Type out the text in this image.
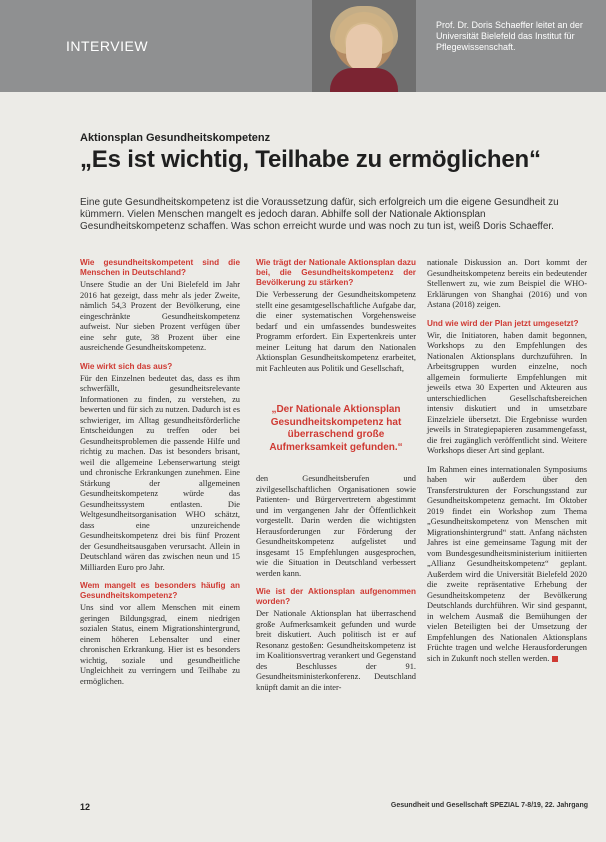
INTERVIEW
Prof. Dr. Doris Schaeffer leitet an der Universität Bielefeld das Institut für Pflegewissenschaft.
Aktionsplan Gesundheitskompetenz
„Es ist wichtig, Teilhabe zu ermöglichen“
Eine gute Gesundheitskompetenz ist die Voraussetzung dafür, sich erfolgreich um die eigene Gesundheit zu kümmern. Vielen Menschen mangelt es jedoch daran. Abhilfe soll der Nationale Aktionsplan Gesundheitskompetenz schaffen. Was schon erreicht wurde und was noch zu tun ist, weiß Doris Schaeffer.
Wie gesundheitskompetent sind die Menschen in Deutschland?
Unsere Studie an der Uni Bielefeld im Jahr 2016 hat gezeigt, dass mehr als jeder Zweite, nämlich 54,3 Prozent der Bevölkerung, eine eingeschränkte Gesundheitskompetenz aufweist. Nur sieben Prozent verfügen über eine sehr gute, 38 Prozent über eine ausreichende Gesundheitskompetenz.
Wie wirkt sich das aus?
Für den Einzelnen bedeutet das, dass es ihm schwerfällt, gesundheitsrelevante Informationen zu finden, zu verstehen, zu bewerten und für sich zu nutzen. Dadurch ist es schwieriger, im Alltag gesundheitsförderliche Entscheidungen zu treffen oder bei Gesundheitsproblemen die passende Hilfe und richtig zu machen. Das ist besonders brisant, weil die allgemeine Lebenserwartung steigt und chronische Erkrankungen zunehmen. Eine Stärkung der allgemeinen Gesundheitskompetenz würde das Gesundheitssystem entlasten. Die Weltgesundheitsorganisation WHO schätzt, dass eine unzureichende Gesundheitskompetenz drei bis fünf Prozent der Gesundheitsausgaben verursacht. Allein in Deutschland wären das zwischen neun und 15 Milliarden Euro pro Jahr.
Wem mangelt es besonders häufig an Gesundheitskompetenz?
Uns sind vor allem Menschen mit einem geringen Bildungsgrad, einem niedrigen sozialen Status, einem Migrationshintergrund, einem höheren Lebensalter und einer chronischen Erkrankung. Hier ist es besonders wichtig, soziale und gesundheitliche Ungleichheit zu verringern und Teilhabe zu ermöglichen.
Wie trägt der Nationale Aktionsplan dazu bei, die Gesundheitskompetenz der Bevölkerung zu stärken?
Die Verbesserung der Gesundheitskompetenz stellt eine gesamtgesellschaftliche Aufgabe dar, die einer systematischen Vorgehensweise bedarf und ein umfassendes bundesweites Programm erfordert. Ein Expertenkreis unter meiner Leitung hat darum den Nationalen Aktionsplan Gesundheitskompetenz erarbeitet, mit Fachleuten aus Politik und Gesellschaft,
„Der Nationale Aktionsplan Gesundheitskompetenz hat überraschend große Aufmerksamkeit gefunden.“
den Gesundheitsberufen und zivilgesellschaftlichen Organisationen sowie Patienten- und Bürgervertretern abgestimmt und im vergangenen Jahr der Öffentlichkeit vorgestellt. Darin werden die wichtigsten Herausforderungen zur Förderung der Gesundheitskompetenz aufgelistet und insgesamt 15 Empfehlungen ausgesprochen, wie die Situation in Deutschland verbessert werden kann.
Wie ist der Aktionsplan aufgenommen worden?
Der Nationale Aktionsplan hat überraschend große Aufmerksamkeit gefunden und wurde breit diskutiert. Auch politisch ist er auf Resonanz gestoßen: Gesundheitskompetenz ist im Koalitionsvertrag verankert und Gegenstand des Beschlusses der 91. Gesundheitsministerkonferenz. Deutschland knüpft damit an die inter-
nationale Diskussion an. Dort kommt der Gesundheitskompetenz bereits ein bedeutender Stellenwert zu, wie zum Beispiel die WHO-Erklärungen von Shanghai (2016) und von Astana (2018) zeigen.
Und wie wird der Plan jetzt umgesetzt?
Wir, die Initiatoren, haben damit begonnen, Workshops zu den Empfehlungen des Nationalen Aktionsplans durchzuführen. In Arbeitsgruppen wurden einzelne, noch allgemein formulierte Empfehlungen mit jeweils etwa 30 Experten und Akteuren aus unterschiedlichen Gesellschaftsbereichen intensiv diskutiert und in umsetzbare Einzelziele übersetzt. Die Ergebnisse wurden jeweils in Strategiepapieren zusammengefasst, die frei zugänglich veröffentlicht sind. Weitere Workshops dieser Art sind geplant.
Im Rahmen eines internationalen Symposiums haben wir außerdem über den Transferstrukturen der Forschungsstand zur Gesundheitskompetenz gemacht. Im Oktober 2019 findet ein Workshop zum Thema „Gesundheitskompetenz von Menschen mit Migrationshintergrund“ statt. Anfang nächsten Jahres ist eine gemeinsame Tagung mit der vom Bundesgesundheitsministerium initiierten „Allianz Gesundheitskompetenz“ geplant. Außerdem wird die Universität Bielefeld 2020 die zweite repräsentative Erhebung der Gesundheitskompetenz der Bevölkerung Deutschlands durchführen. Wir sind gespannt, in welchem Ausmaß die Bemühungen der vielen Beteiligten bei der Umsetzung der Empfehlungen des Nationalen Aktionsplans Früchte tragen und welche Herausforderungen sich in Zukunft noch stellen werden.
12	Gesundheit und Gesellschaft SPEZIAL 7-8/19, 22. Jahrgang
